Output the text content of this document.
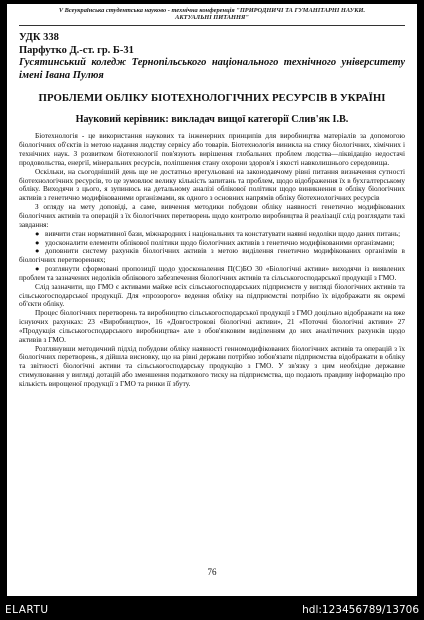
V Всеукраїнська студентська науково - технічна конференція "ПРИРОДНИЧІ ТА ГУМАНІТАРНІ НАУКИ.
АКТУАЛЬНІ ПИТАННЯ"
УДК 338
Парфутко Д.-ст. гр. Б-31
Гусятинський коледж Тернопільського національного технічного університету імені Івана Пулюя
ПРОБЛЕМИ ОБЛІКУ БІОТЕХНОЛОГІЧНИХ РЕСУРСІВ В УКРАЇНІ
Науковий керівник: викладач вищої категорії Слив'як І.В.

Біотехнологія - це використання наукових та інженерних принципів для виробництва матеріалів за допомогою біологічних об'єктів із метою надання людству сервісу або товарів. Біотехнологія виникла на стику біологічних, хімічних і технічних наук. З розвитком біотехнології пов'язують вирішення глобальних проблем людства—ліквідацію недостачі продовольства, енергії, мінеральних ресурсів, поліпшення стану охорони здоров'я і якості навколишнього середовища.

Оскільки, на сьогоднішній день ще не достатньо врегульовані на законодавчому рівні питання визначення сутності біотехнологічних ресурсів, то це зумовлює велику кількість запитань та проблем, щодо відображення їх в бухгалтерському обліку. Виходячи з цього, я зупинюсь на детальному аналізі облікової політики щодо виникнення в обліку біологічних активів з генетично модифікованими організмами, як одного з основних напрямів обліку біотехнологічних ресурсів

З огляду на мету доповіді, а саме, вивчення методики побудови обліку наявності генетично модифікованих біологічних активів та операцій з їх біологічних перетворень щодо контролю виробництва й реалізації слід розглядати такі завдання:

● вивчити стан нормативної бази, міжнародних і національних та констатувати наявні недоліки щодо даних питань;
● удосконалити елементи облікової політики щодо біологічних активів з генетично модифікованими організмами;
● доповнити систему рахунків біологічних активів з метою виділення генетично модифікованих організмів в біологічних перетвореннях;
● розглянути сформовані пропозиції щодо удосконалення П(С)БО 30 «Біологічні активи» виходячи із виявлених проблем та зазначених недоліків облікового забезпечення біологічних активів та сільськогосподарської продукції з ГМО.

Слід зазначити, що ГМО є активами майже всіх сільськогосподарських підприємств у вигляді біологічних активів та сільськогосподарської продукції. Для «прозорого» ведення обліку на підприємстві потрібно їх відображати як окремі об'єкти обліку.

Процес біологічних перетворень та виробництво сільськогосподарської продукції з ГМО доцільно відображати на вже існуючих рахунках: 23 «Виробництво», 16 «Довгострокові біологічні активи», 21 «Поточні біологічні активи» 27 «Продукція сільськогосподарського виробництва» але з обов'язковим виділенням до них аналітичних рахунків щодо активів з ГМО.

Розглянувши методичний підхід побудови обліку наявності генномодифікованих біологічних активів та операцій з їх біологічних перетворень, я дійшла висновку, що на рівні держави потрібно зобов'язати підприємства відображати в обліку та звітності біологічні активи та сільськогосподарську продукцію з ГМО. У зв'язку з цим необхідне державне стимулювання у вигляді дотацій або зменшення податкового тиску на підприємства, що подають правдиву інформацію про кількість вирощеної продукції з ГМО та ринки її збуту.

76
ELARTU	hdl:123456789/13706
